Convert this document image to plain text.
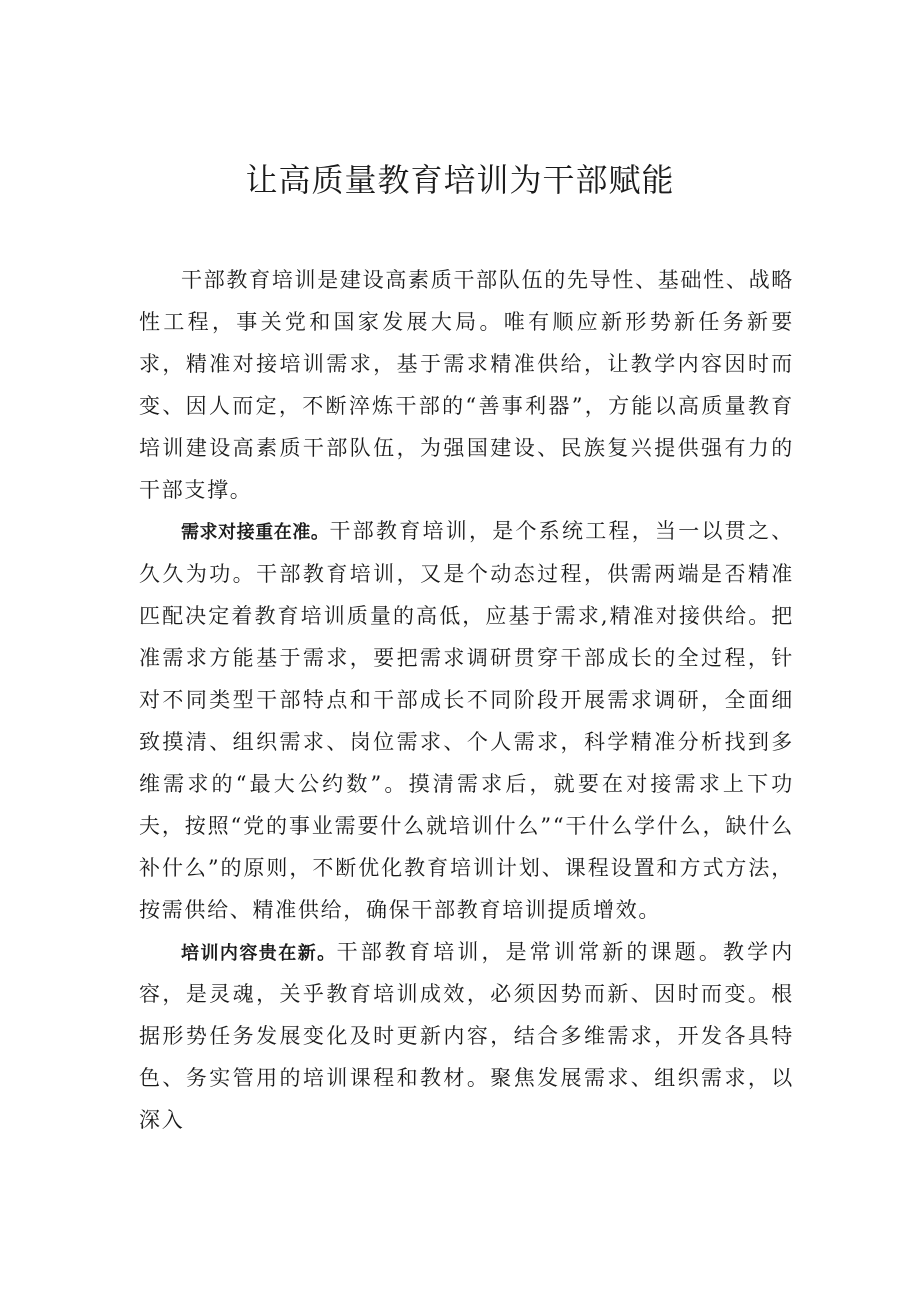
让高质量教育培训为干部赋能

干部教育培训是建设高素质干部队伍的先导性、基础性、战略性工程，事关党和国家发展大局。唯有顺应新形势新任务新要求，精准对接培训需求，基于需求精准供给，让教学内容因时而变、因人而定，不断淬炼干部的“善事利器”，方能以高质量教育培训建设高素质干部队伍，为强国建设、民族复兴提供强有力的干部支撑。

需求对接重在准。干部教育培训，是个系统工程，当一以贯之、久久为功。干部教育培训，又是个动态过程，供需两端是否精准匹配决定着教育培训质量的高低，应基于需求,精准对接供给。把准需求方能基于需求，要把需求调研贯穿干部成长的全过程，针对不同类型干部特点和干部成长不同阶段开展需求调研，全面细致摸清、组织需求、岗位需求、个人需求，科学精准分析找到多维需求的“最大公约数”。摸清需求后，就要在对接需求上下功夫，按照“党的事业需要什么就培训什么”“干什么学什么，缺什么补什么”的原则，不断优化教育培训计划、课程设置和方式方法，按需供给、精准供给，确保干部教育培训提质增效。

培训内容贵在新。干部教育培训，是常训常新的课题。教学内容，是灵魂，关乎教育培训成效，必须因势而新、因时而变。根据形势任务发展变化及时更新内容，结合多维需求，开发各具特色、务实管用的培训课程和教材。聚焦发展需求、组织需求，以深入
